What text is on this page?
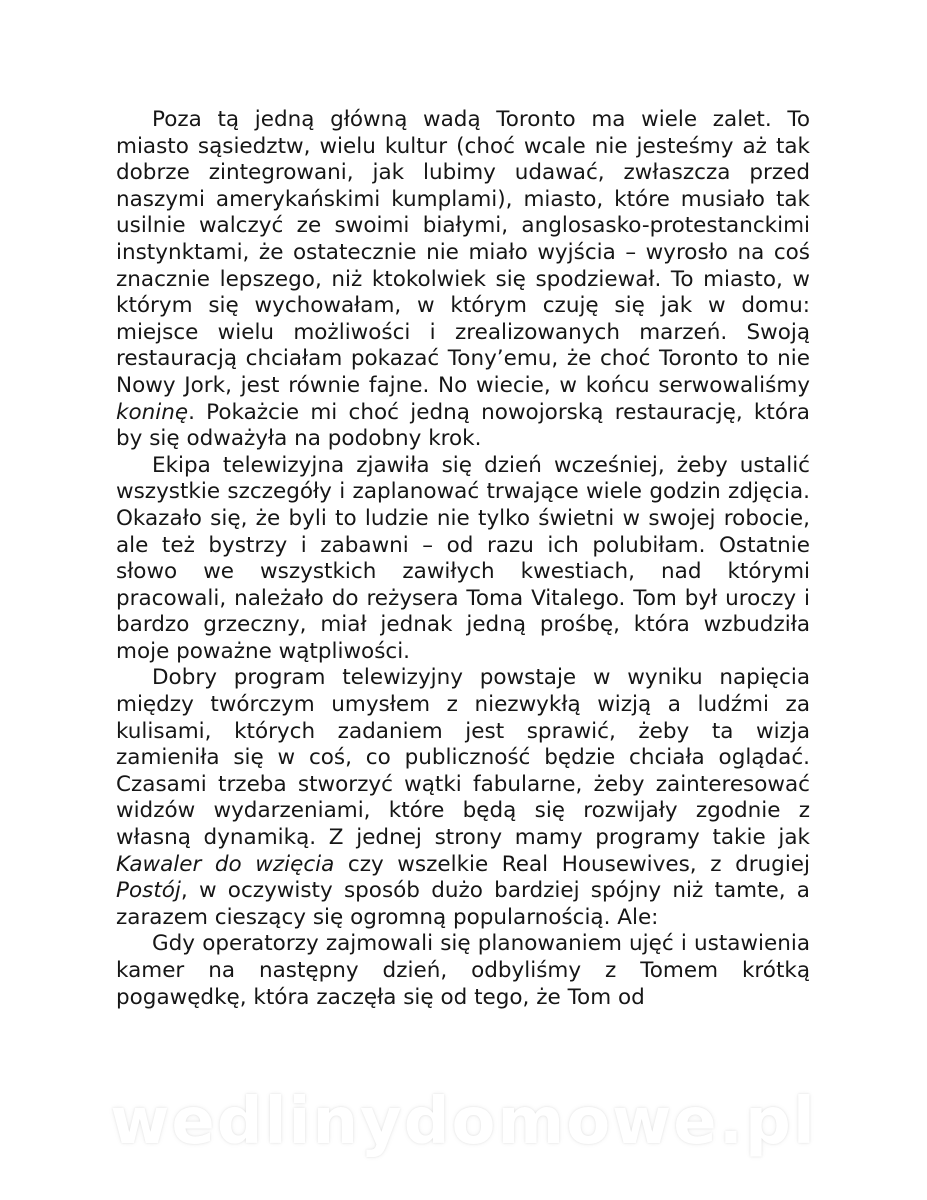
Poza tą jedną główną wadą Toronto ma wiele zalet. To miasto sąsiedztw, wielu kultur (choć wcale nie jesteśmy aż tak dobrze zintegrowani, jak lubimy udawać, zwłaszcza przed naszymi amerykańskimi kumplami), miasto, które musiało tak usilnie walczyć ze swoimi białymi, anglosasko-protestanckimi instynktami, że ostatecznie nie miało wyjścia – wyrosło na coś znacznie lepszego, niż ktokolwiek się spodziewał. To miasto, w którym się wychowałam, w którym czuję się jak w domu: miejsce wielu możliwości i zrealizowanych marzeń. Swoją restauracją chciałam pokazać Tony’emu, że choć Toronto to nie Nowy Jork, jest równie fajne. No wiecie, w końcu serwowaliśmy koninę. Pokażcie mi choć jedną nowojorską restaurację, która by się odważyła na podobny krok.

Ekipa telewizyjna zjawiła się dzień wcześniej, żeby ustalić wszystkie szczegóły i zaplanować trwające wiele godzin zdjęcia. Okazało się, że byli to ludzie nie tylko świetni w swojej robocie, ale też bystrzy i zabawni – od razu ich polubiłam. Ostatnie słowo we wszystkich zawiłych kwestiach, nad którymi pracowali, należało do reżysera Toma Vitalego. Tom był uroczy i bardzo grzeczny, miał jednak jedną prośbę, która wzbudziła moje poważne wątpliwości.

Dobry program telewizyjny powstaje w wyniku napięcia między twórczym umysłem z niezwykłą wizją a ludźmi za kulisami, których zadaniem jest sprawić, żeby ta wizja zamieniła się w coś, co publiczność będzie chciała oglądać. Czasami trzeba stworzyć wątki fabularne, żeby zainteresować widzów wydarzeniami, które będą się rozwijały zgodnie z własną dynamiką. Z jednej strony mamy programy takie jak Kawaler do wzięcia czy wszelkie Real Housewives, z drugiej Postój, w oczywisty sposób dużo bardziej spójny niż tamte, a zarazem cieszący się ogromną popularnością. Ale:

Gdy operatorzy zajmowali się planowaniem ujęć i ustawienia kamer na następny dzień, odbyliśmy z Tomem krótką pogawędkę, która zaczęła się od tego, że Tom od

wedlinydomowe.pl
